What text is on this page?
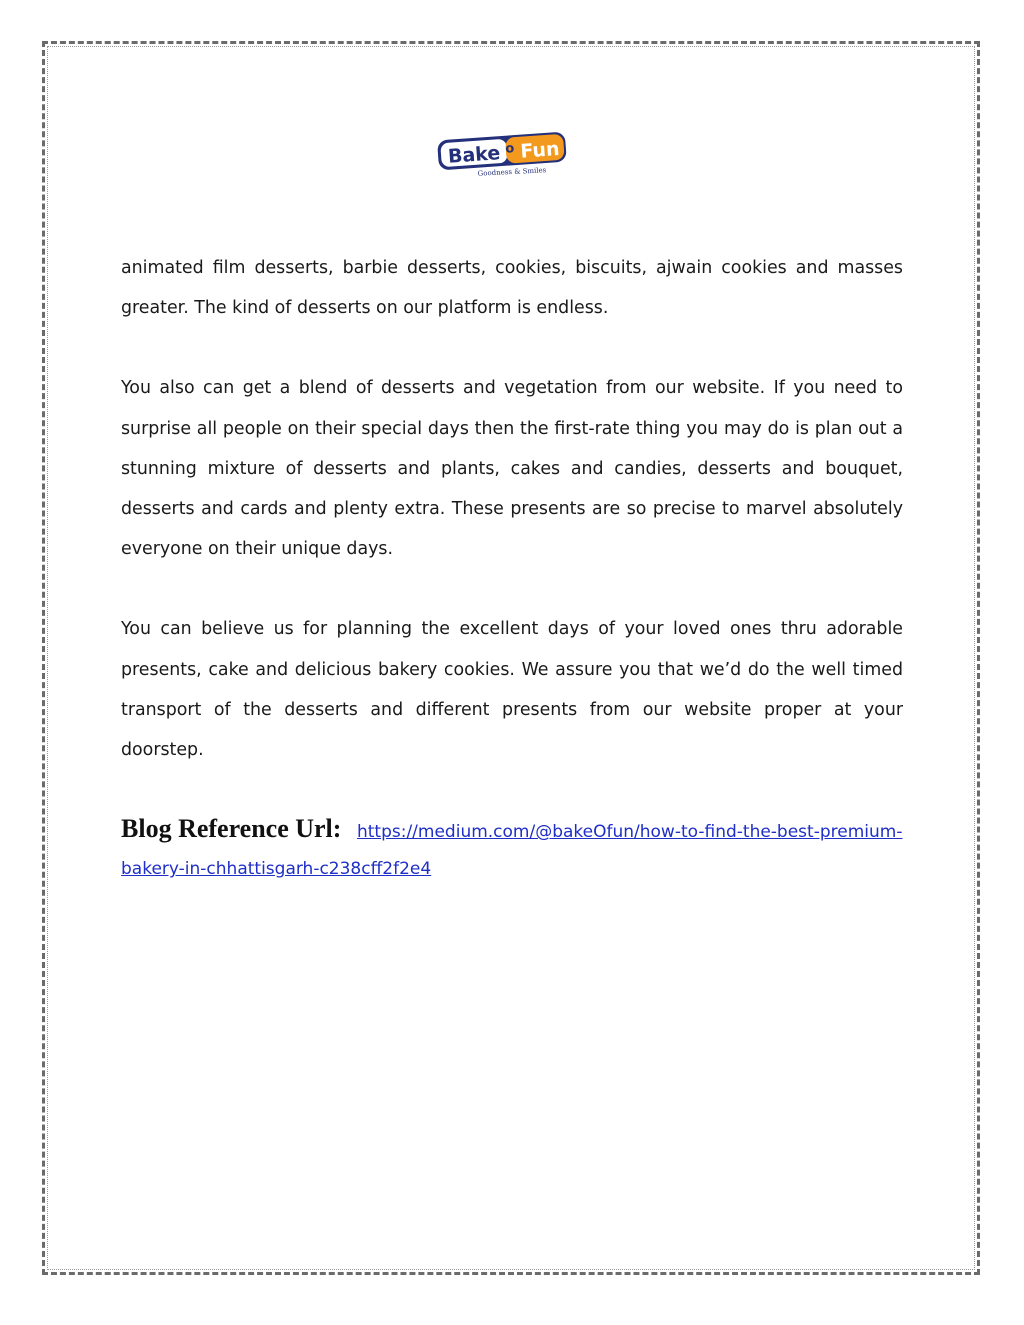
Bake o Fun
Goodness & Smiles

animated film desserts, barbie desserts, cookies, biscuits, ajwain cookies and masses greater. The kind of desserts on our platform is endless.

You also can get a blend of desserts and vegetation from our website. If you need to surprise all people on their special days then the first-rate thing you may do is plan out a stunning mixture of desserts and plants, cakes and candies, desserts and bouquet, desserts and cards and plenty extra. These presents are so precise to marvel absolutely everyone on their unique days.

You can believe us for planning the excellent days of your loved ones thru adorable presents, cake and delicious bakery cookies. We assure you that we’d do the well timed transport of the desserts and different presents from our website proper at your doorstep.

Blog Reference Url: https://medium.com/@bakeOfun/how-to-find-the-best-premium-bakery-in-chhattisgarh-c238cff2f2e4
